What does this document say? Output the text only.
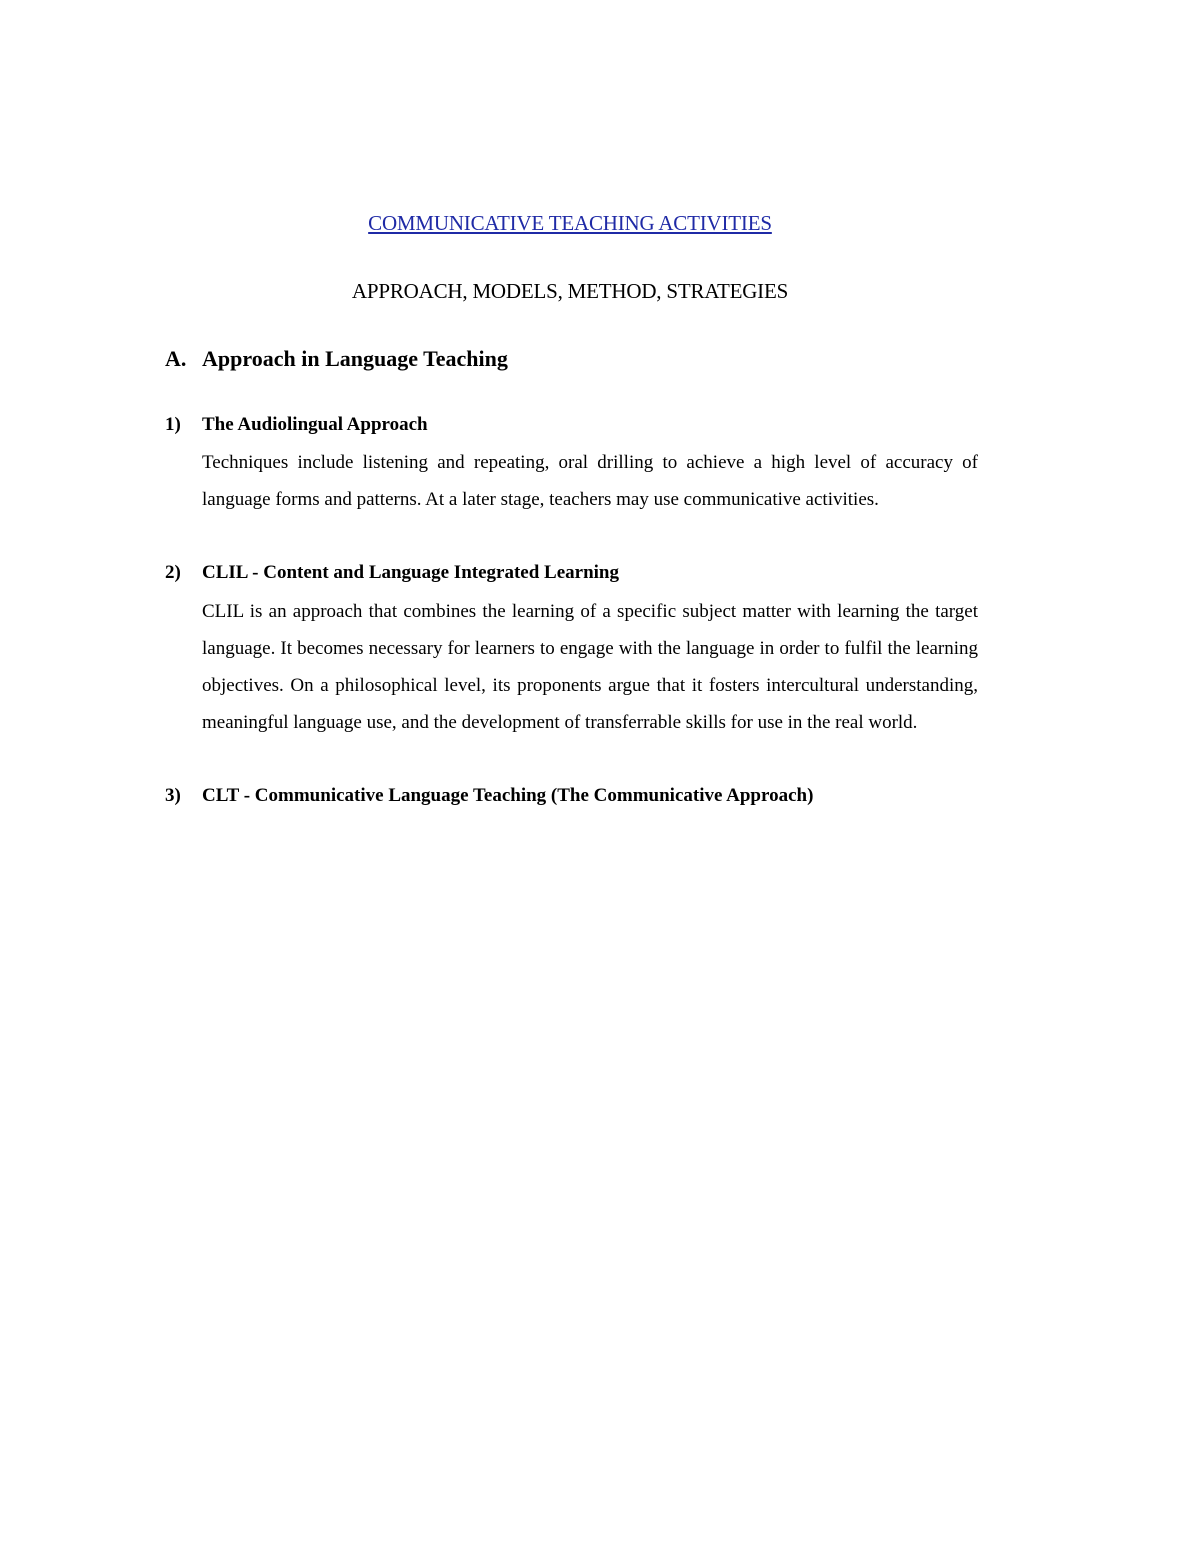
COMMUNICATIVE TEACHING ACTIVITIES
APPROACH, MODELS, METHOD, STRATEGIES
A. Approach in Language Teaching
1) The Audiolingual Approach
Techniques include listening and repeating, oral drilling to achieve a high level of accuracy of language forms and patterns. At a later stage, teachers may use communicative activities.
2) CLIL - Content and Language Integrated Learning
CLIL is an approach that combines the learning of a specific subject matter with learning the target language. It becomes necessary for learners to engage with the language in order to fulfil the learning objectives. On a philosophical level, its proponents argue that it fosters intercultural understanding, meaningful language use, and the development of transferrable skills for use in the real world.
3) CLT - Communicative Language Teaching (The Communicative Approach)
